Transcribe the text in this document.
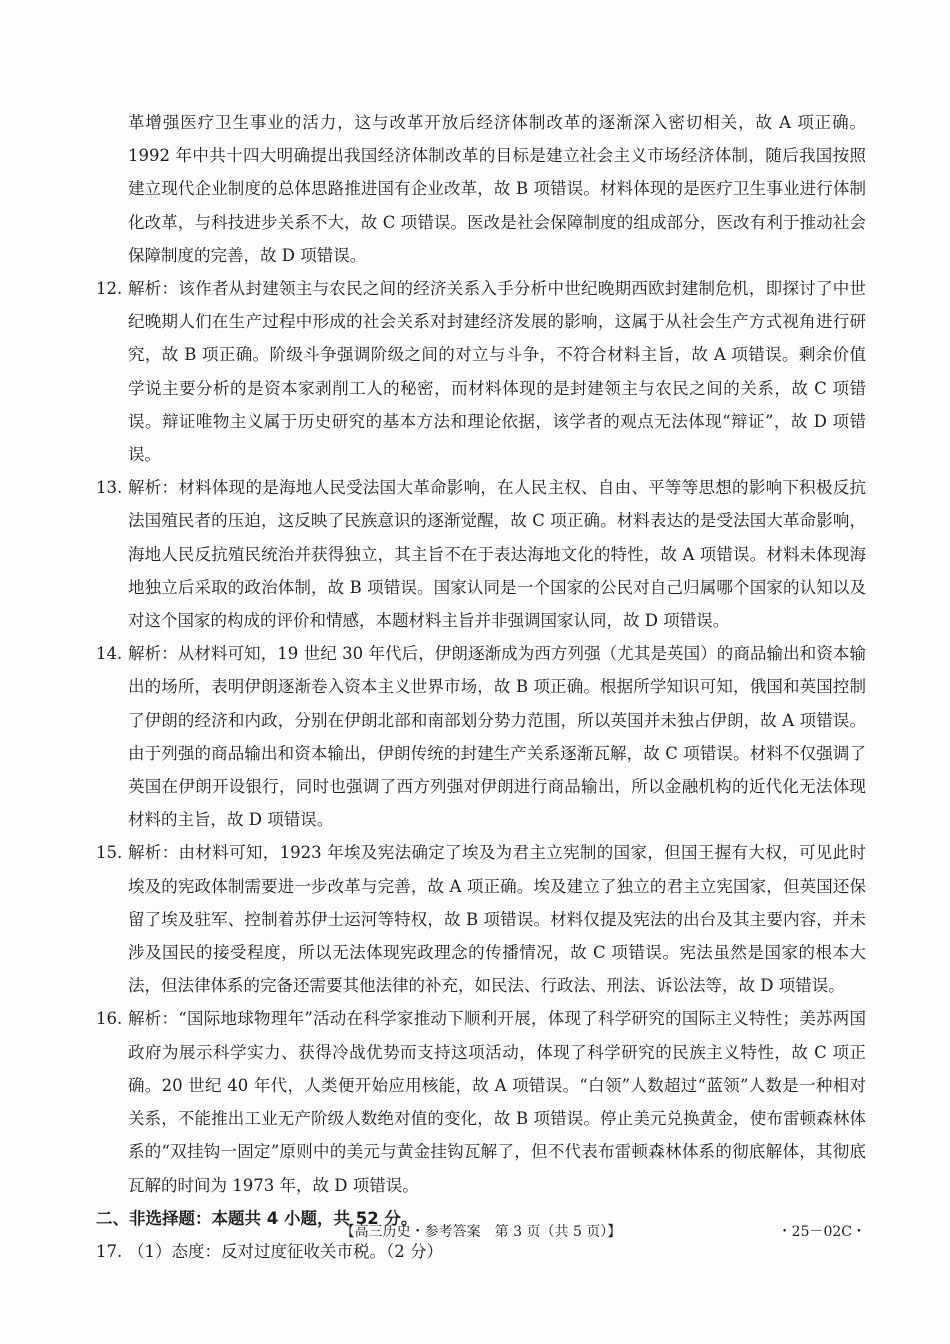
革增强医疗卫生事业的活力，这与改革开放后经济体制改革的逐渐深入密切相关，故 A 项正确。1992 年中共十四大明确提出我国经济体制改革的目标是建立社会主义市场经济体制，随后我国按照建立现代企业制度的总体思路推进国有企业改革，故 B 项错误。材料体现的是医疗卫生事业进行体制化改革，与科技进步关系不大，故 C 项错误。医改是社会保障制度的组成部分，医改有利于推动社会保障制度的完善，故 D 项错误。

12. 解析：该作者从封建领主与农民之间的经济关系入手分析中世纪晚期西欧封建制危机，即探讨了中世纪晚期人们在生产过程中形成的社会关系对封建经济发展的影响，这属于从社会生产方式视角进行研究，故 B 项正确。阶级斗争强调阶级之间的对立与斗争，不符合材料主旨，故 A 项错误。剩余价值学说主要分析的是资本家剥削工人的秘密，而材料体现的是封建领主与农民之间的关系，故 C 项错误。辩证唯物主义属于历史研究的基本方法和理论依据，该学者的观点无法体现“辩证”，故 D 项错误。

13. 解析：材料体现的是海地人民受法国大革命影响，在人民主权、自由、平等等思想的影响下积极反抗法国殖民者的压迫，这反映了民族意识的逐渐觉醒，故 C 项正确。材料表达的是受法国大革命影响，海地人民反抗殖民统治并获得独立，其主旨不在于表达海地文化的特性，故 A 项错误。材料未体现海地独立后采取的政治体制，故 B 项错误。国家认同是一个国家的公民对自己归属哪个国家的认知以及对这个国家的构成的评价和情感，本题材料主旨并非强调国家认同，故 D 项错误。

14. 解析：从材料可知，19 世纪 30 年代后，伊朗逐渐成为西方列强（尤其是英国）的商品输出和资本输出的场所，表明伊朗逐渐卷入资本主义世界市场，故 B 项正确。根据所学知识可知，俄国和英国控制了伊朗的经济和内政，分别在伊朗北部和南部划分势力范围，所以英国并未独占伊朗，故 A 项错误。由于列强的商品输出和资本输出，伊朗传统的封建生产关系逐渐瓦解，故 C 项错误。材料不仅强调了英国在伊朗开设银行，同时也强调了西方列强对伊朗进行商品输出，所以金融机构的近代化无法体现材料的主旨，故 D 项错误。

15. 解析：由材料可知，1923 年埃及宪法确定了埃及为君主立宪制的国家，但国王握有大权，可见此时埃及的宪政体制需要进一步改革与完善，故 A 项正确。埃及建立了独立的君主立宪国家，但英国还保留了埃及驻军、控制着苏伊士运河等特权，故 B 项错误。材料仅提及宪法的出台及其主要内容，并未涉及国民的接受程度，所以无法体现宪政理念的传播情况，故 C 项错误。宪法虽然是国家的根本大法，但法律体系的完备还需要其他法律的补充，如民法、行政法、刑法、诉讼法等，故 D 项错误。

16. 解析：“国际地球物理年”活动在科学家推动下顺利开展，体现了科学研究的国际主义特性；美苏两国政府为展示科学实力、获得冷战优势而支持这项活动，体现了科学研究的民族主义特性，故 C 项正确。20 世纪 40 年代，人类便开始应用核能，故 A 项错误。“白领”人数超过“蓝领”人数是一种相对关系，不能推出工业无产阶级人数绝对值的变化，故 B 项错误。停止美元兑换黄金，使布雷顿森林体系的“双挂钩一固定”原则中的美元与黄金挂钩瓦解了，但不代表布雷顿森林体系的彻底解体，其彻底瓦解的时间为 1973 年，故 D 项错误。

二、非选择题：本题共 4 小题，共 52 分。

17. （1）态度：反对过度征收关市税。（2 分）

【高三历史・参考答案　第 3 页（共 5 页）】	・25－02C・
